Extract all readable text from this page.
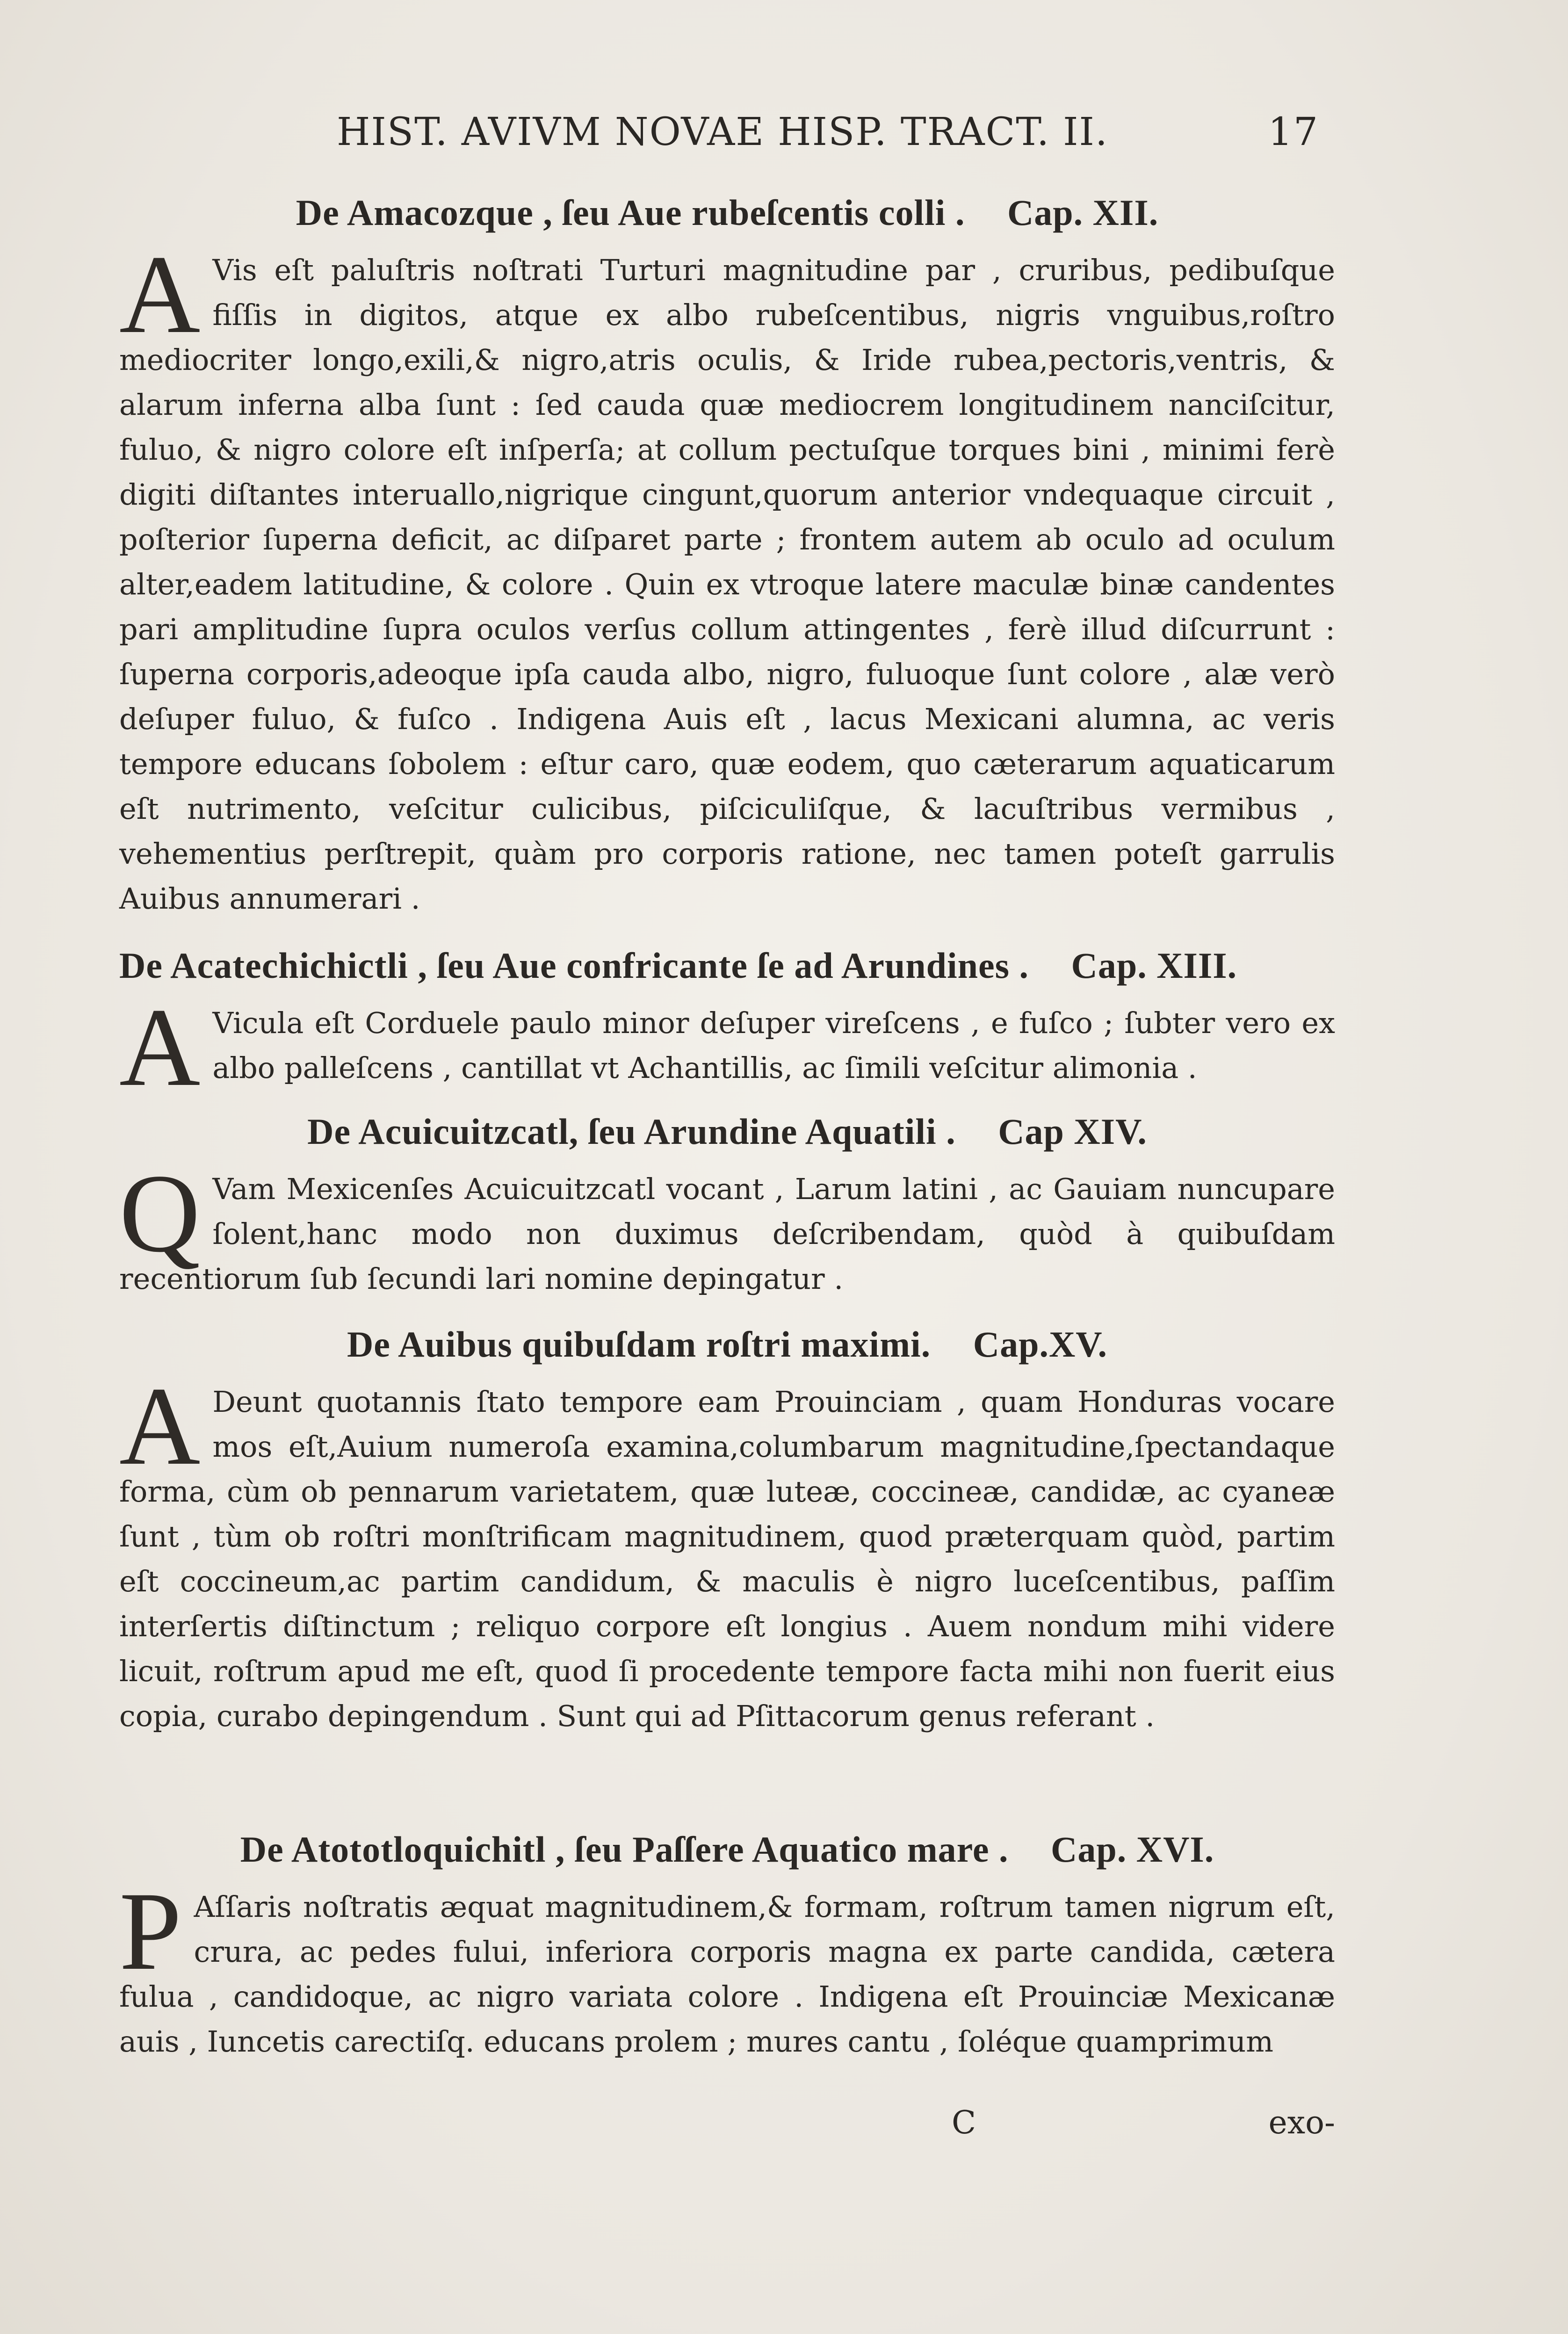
HIST. AVIVM NOVAE HISP. TRACT. II.	17
De Amacozque , ſeu Aue rubeſcentis colli . Cap. XII.
A Vis eſt paluſtris noſtrati Turturi magnitudine par , cruribus, pedibuſque fiſſis in digitos, atque ex albo rubeſcentibus, nigris vnguibus,roſtro mediocriter longo,exili,& nigro,atris oculis, & Iride rubea,pectoris,ventris, & alarum inferna alba ſunt : ſed cauda quæ mediocrem longitudinem nanciſcitur, fuluo, & nigro colore eſt inſperſa; at collum pectuſque torques bini , minimi ferè digiti diſtantes interuallo,nigrique cingunt,quorum anterior vndequaque circuit , poſterior ſuperna deficit, ac diſparet parte ; frontem autem ab oculo ad oculum alter,eadem latitudine, & colore . Quin ex vtroque latere maculæ binæ candentes pari amplitudine ſupra oculos verſus collum attingentes , ferè illud diſcurrunt : ſuperna corporis,adeoque ipſa cauda albo, nigro, fuluoque ſunt colore , alæ verò deſuper fuluo, & fuſco . Indigena Auis eſt , lacus Mexicani alumna, ac veris tempore educans ſobolem : eſtur caro, quæ eodem, quo cæterarum aquaticarum eſt nutrimento, veſcitur culicibus, piſciculiſque, & lacuſtribus vermibus , vehementius perſtrepit, quàm pro corporis ratione, nec tamen poteſt garrulis Auibus annumerari .
De Acatechichictli , ſeu Aue confricante ſe ad Arundines . Cap. XIII.
A Vicula eſt Corduele paulo minor deſuper vireſcens , e fuſco ; ſubter vero ex albo palleſcens , cantillat vt Achantillis, ac ſimili veſcitur alimonia .
De Acuicuitzcatl, ſeu Arundine Aquatili . Cap XIV.
Q Vam Mexicenſes Acuicuitzcatl vocant , Larum latini , ac Gauiam nuncupare ſolent,hanc modo non duximus deſcribendam, quòd à quibuſdam recentiorum ſub ſecundi lari nomine depingatur .
De Auibus quibuſdam roſtri maximi. Cap.XV.
A Deunt quotannis ſtato tempore eam Prouinciam , quam Honduras vocare mos eſt,Auium numeroſa examina,columbarum magnitudine,ſpectandaque forma, cùm ob pennarum varietatem, quæ luteæ, coccineæ, candidæ, ac cyaneæ ſunt , tùm ob roſtri monſtrificam magnitudinem, quod præterquam quòd, partim eſt coccineum,ac partim candidum, & maculis è nigro luceſcentibus, paſſim interſertis diſtinctum ; reliquo corpore eſt longius . Auem nondum mihi videre licuit, roſtrum apud me eſt, quod ſi procedente tempore facta mihi non fuerit eius copia, curabo depingendum . Sunt qui ad Pſittacorum genus referant .
De Atototloquichitl , ſeu Paſſere Aquatico mare . Cap. XVI.
P Aſſaris noſtratis æquat magnitudinem,& formam, roſtrum tamen nigrum eſt, crura, ac pedes fului, inferiora corporis magna ex parte candida, cætera fulua , candidoque, ac nigro variata colore . Indigena eſt Prouinciæ Mexicanæ auis , Iuncetis carectiſq. educans prolem ; mures cantu , ſoléque quamprimum
C	exo-
